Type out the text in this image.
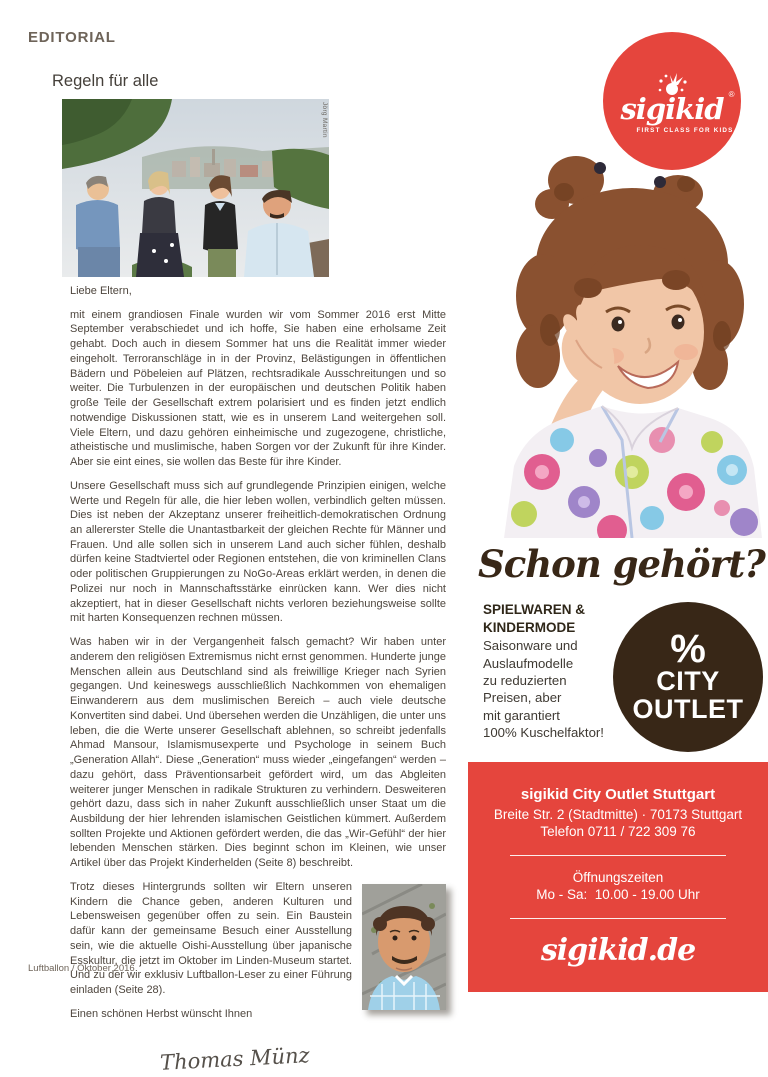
EDITORIAL
Regeln für alle
Jörg Martin

Liebe Eltern,

mit einem grandiosen Finale wurden wir vom Sommer 2016 erst Mitte September verabschiedet und ich hoffe, Sie haben eine erholsame Zeit gehabt. Doch auch in diesem Sommer hat uns die Realität immer wieder eingeholt. Terroranschläge in in der Provinz, Belästigungen in öffentlichen Bädern und Pöbeleien auf Plätzen, rechtsradikale Ausschreitungen und so weiter. Die Turbulenzen in der europäischen und deutschen Politik haben große Teile der Gesellschaft extrem polarisiert und es finden jetzt endlich notwendige Diskussionen statt, wie es in unserem Land weitergehen soll. Viele Eltern, und dazu gehören einheimische und zugezogene, christliche, atheistische und muslimische, haben Sorgen vor der Zukunft für ihre Kinder. Aber sie eint eines, sie wollen das Beste für ihre Kinder.

Unsere Gesellschaft muss sich auf grundlegende Prinzipien einigen, welche Werte und Regeln für alle, die hier leben wollen, verbindlich gelten müssen. Dies ist neben der Akzeptanz unserer freiheitlich-demokratischen Ordnung an allererster Stelle die Unantastbarkeit der gleichen Rechte für Männer und Frauen. Und alle sollen sich in unserem Land auch sicher fühlen, deshalb dürfen keine Stadtviertel oder Regionen entstehen, die von kriminellen Clans oder politischen Gruppierungen zu NoGo-Areas erklärt werden, in denen die Polizei nur noch in Mannschaftsstärke einrücken kann. Wer dies nicht akzeptiert, hat in dieser Gesellschaft nichts verloren beziehungsweise sollte mit harten Konsequenzen rechnen müssen.

Was haben wir in der Vergangenheit falsch gemacht? Wir haben unter anderem den religiösen Extremismus nicht ernst genommen. Hunderte junge Menschen allein aus Deutschland sind als freiwillige Krieger nach Syrien gegangen. Und keineswegs ausschließlich Nachkommen von ehemaligen Einwanderern aus dem muslimischen Bereich – auch viele deutsche Konvertiten sind dabei. Und übersehen werden die Unzähligen, die unter uns leben, die die Werte unserer Gesellschaft ablehnen, so schreibt jedenfalls Ahmad Mansour, Islamismusexperte und Psychologe in seinem Buch „Generation Allah“. Diese „Generation“ muss wieder „eingefangen“ werden – dazu gehört, dass Präventionsarbeit gefördert wird, um das Abgleiten weiterer junger Menschen in radikale Strukturen zu verhindern. Desweiteren gehört dazu, dass sich in naher Zukunft ausschließlich unser Staat um die Ausbildung der hier lehrenden islamischen Geistlichen kümmert. Außerdem sollten Projekte und Aktionen gefördert werden, die das „Wir-Gefühl“ der hier lebenden Menschen stärken. Dies beginnt schon im Kleinen, wie unser Artikel über das Projekt Kinderhelden (Seite 8) beschreibt.

Trotz dieses Hintergrunds sollten wir Eltern unseren Kindern die Chance geben, anderen Kulturen und Lebensweisen gegenüber offen zu sein. Ein Baustein dafür kann der gemeinsame Besuch einer Ausstellung sein, wie die aktuelle Oishi-Ausstellung über japanische Esskultur, die jetzt im Oktober im Linden-Museum startet. Und zu der wir exklusiv Luftballon-Leser zu einer Führung einladen (Seite 28).

Einen schönen Herbst wünscht Ihnen

Thomas Münz
Luftballon / Oktober 2016
sigikid ®
FIRST CLASS FOR KIDS
Schon gehört?
SPIELWAREN &
KINDERMODE
Saisonware und
Auslaufmodelle
zu reduzierten
Preisen, aber
mit garantiert
100% Kuschelfaktor!
%
CITY
OUTLET
sigikid City Outlet Stuttgart
Breite Str. 2 (Stadtmitte) · 70173 Stuttgart
Telefon 0711 / 722 309 76
Öffnungszeiten
Mo - Sa:  10.00 - 19.00 Uhr
sigikid.de
